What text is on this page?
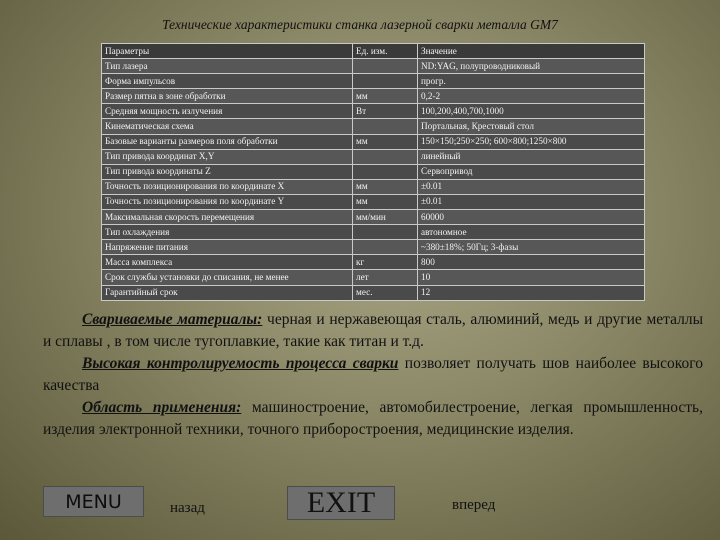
Технические характеристики станка лазерной сварки металла GM7
Параметры	Ед. изм.	Значение
Тип лазера		ND:YAG, полупроводниковый
Форма импульсов		прогр.
Размер пятна в зоне обработки	мм	0,2-2
Средняя мощность излучения	Вт	100,200,400,700,1000
Кинематическая схема		Портальная, Крестовый стол
Базовые варианты размеров поля обработки	мм	150×150;250×250; 600×800;1250×800
Тип привода координат X,Y		линейный
Тип привода координаты Z		Сервопривод
Точность позиционирования по координате X	мм	±0.01
Точность позиционирования по координате Y	мм	±0.01
Максимальная скорость перемещения	мм/мин	60000
Тип охлаждения		автономное
Напряжение питания		~380±18%; 50Гц; 3-фазы
Масса комплекса	кг	800
Срок службы установки до списания, не менее	лет	10
Гарантийный срок	мес.	12

Свариваемые материалы: черная и нержавеющая сталь, алюминий, медь и другие металлы и сплавы , в том числе тугоплавкие, такие как титан и т.д.

Высокая контролируемость процесса сварки позволяет получать шов наиболее высокого качества

Область применения: машиностроение, автомобилестроение, легкая промышленность, изделия электронной техники, точного приборостроения, медицинские изделия.

MENU	назад	EXIT	вперед
